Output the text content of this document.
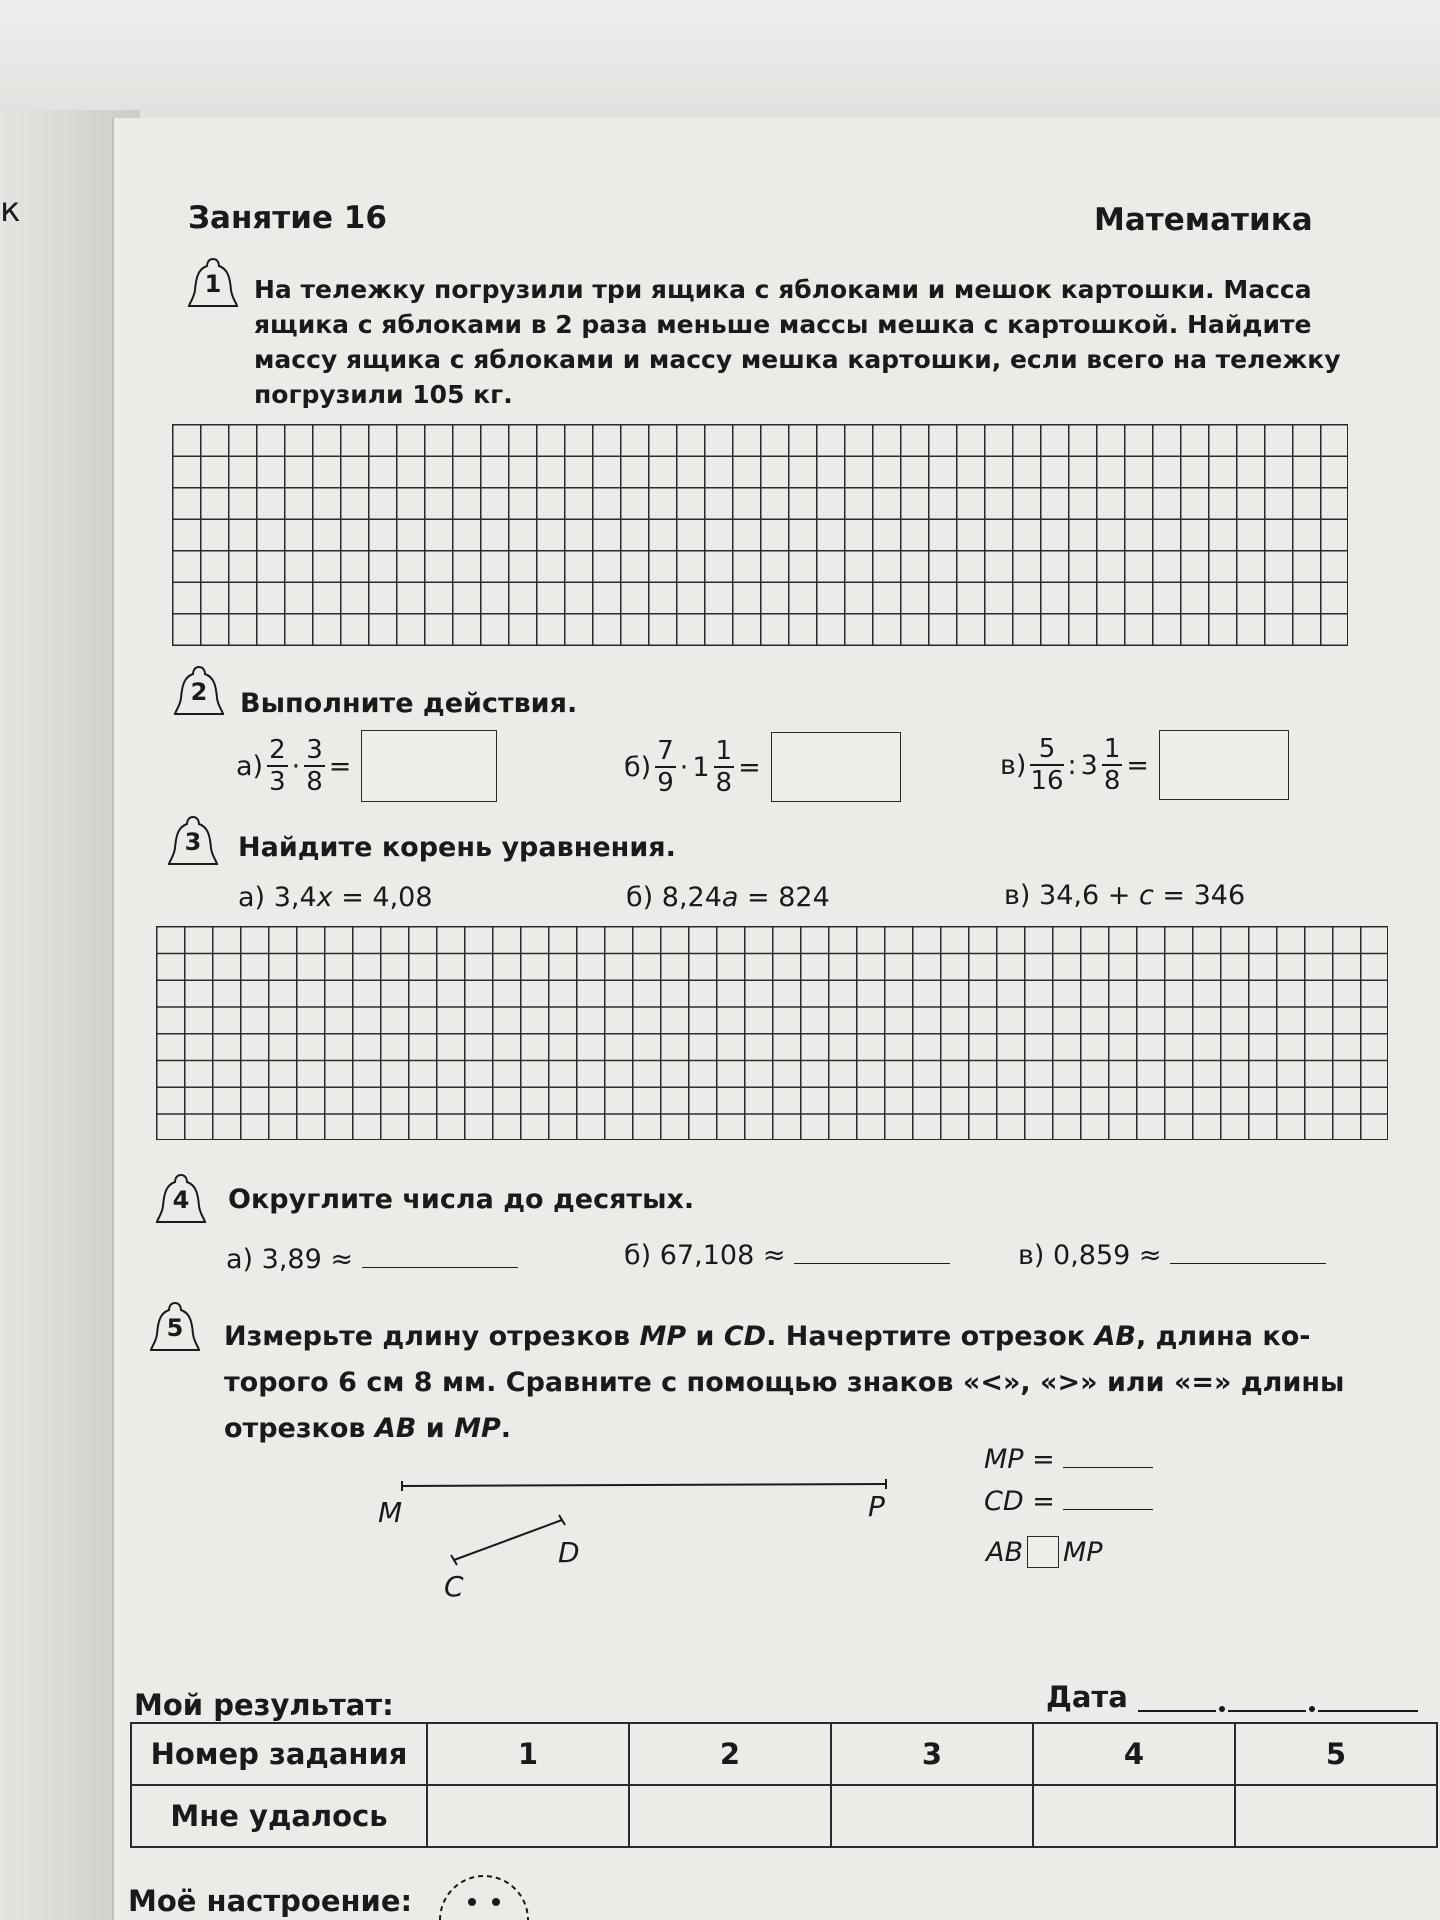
к	Занятие 16	Математика
1	На тележку погрузили три ящика с яблоками и мешок картошки. Масса
ящика с яблоками в 2 раза меньше массы мешка с картошкой. Найдите
массу ящика с яблоками и массу мешка картошки, если всего на тележку
погрузили 105 кг.
2	Выполните действия.
$а) \frac{2}{3} \cdot \frac{3}{8}$ =	$б) \frac{7}{9} \cdot 1 \frac{1}{8}$ =	$в) \frac{5}{16}$ : $3 \frac{1}{8}$ =
3	Найдите корень уравнения.
а) 3,4x = 4,08	б) 8,24a = 824	в) 34,6 + c = 346
4	Округлите числа до десятых.
а) 3,89 ≈	б) 67,108 ≈	в) 0,859 ≈
5	Измерьте длину отрезков MP и CD. Начертите отрезок AB, длина ко-
торого 6 см 8 мм. Сравните с помощью знаков «<», «>» или «=» длины
отрезков AB и MP.
M	P
C
D
MP =
CD =
AB MP
Мой результат:	Дата
Номер задания	1	2	3	4	5
Мне удалось					
Моё настроение:
